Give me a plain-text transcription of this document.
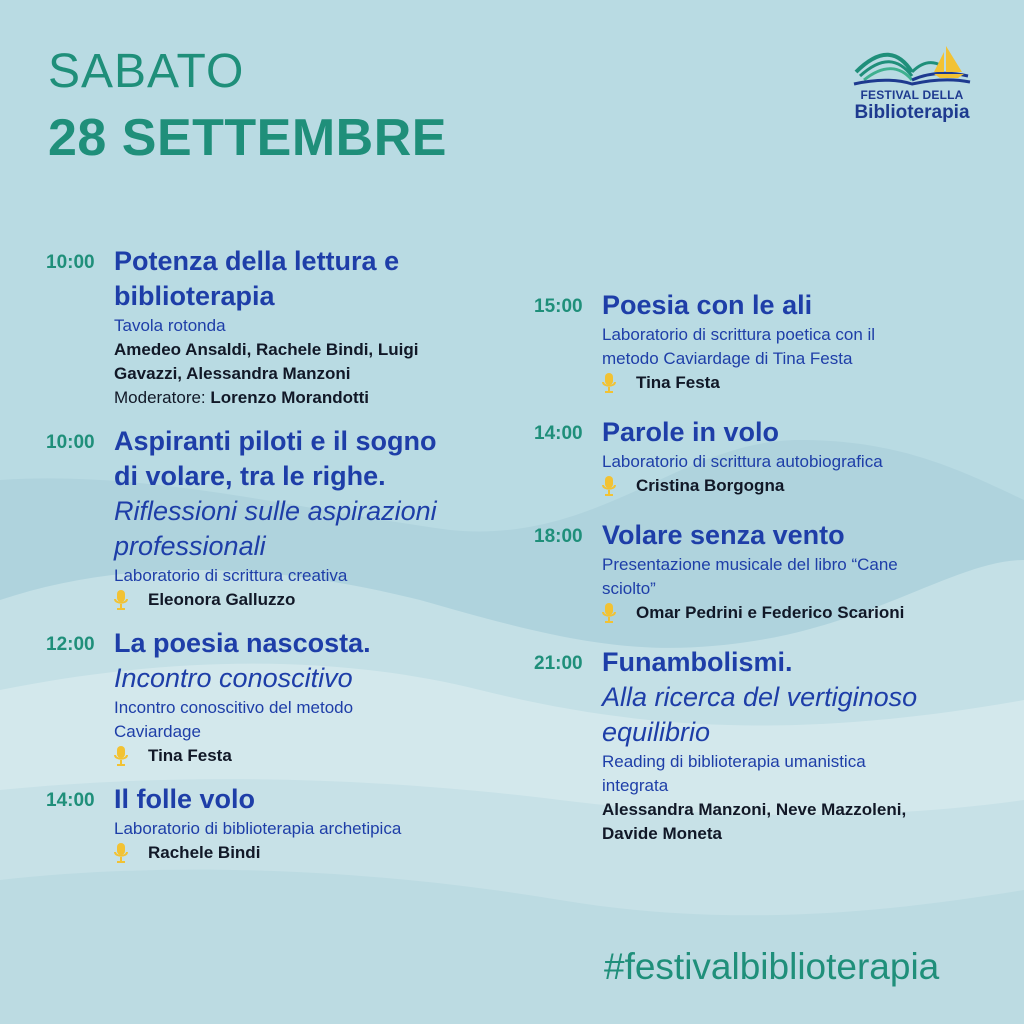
SABATO
28 SETTEMBRE
FESTIVAL DELLA
Biblioterapia
10:00 Potenza della lettura e
biblioterapia
Tavola rotonda
Amedeo Ansaldi, Rachele Bindi, Luigi
Gavazzi, Alessandra Manzoni
Moderatore: Lorenzo Morandotti
10:00 Aspiranti piloti e il sogno
di volare, tra le righe.
Riflessioni sulle aspirazioni
professionali
Laboratorio di scrittura creativa
Eleonora Galluzzo
12:00 La poesia nascosta.
Incontro conoscitivo
Incontro conoscitivo del metodo
Caviardage
Tina Festa
14:00 Il folle volo
Laboratorio di biblioterapia archetipica
Rachele Bindi
15:00 Poesia con le ali
Laboratorio di scrittura poetica con il
metodo Caviardage di Tina Festa
Tina Festa
14:00 Parole in volo
Laboratorio di scrittura autobiografica
Cristina Borgogna
18:00 Volare senza vento
Presentazione musicale del libro “Cane
sciolto”
Omar Pedrini e Federico Scarioni
21:00 Funambolismi.
Alla ricerca del vertiginoso
equilibrio
Reading di biblioterapia umanistica
integrata
Alessandra Manzoni, Neve Mazzoleni,
Davide Moneta
#festivalbiblioterapia
